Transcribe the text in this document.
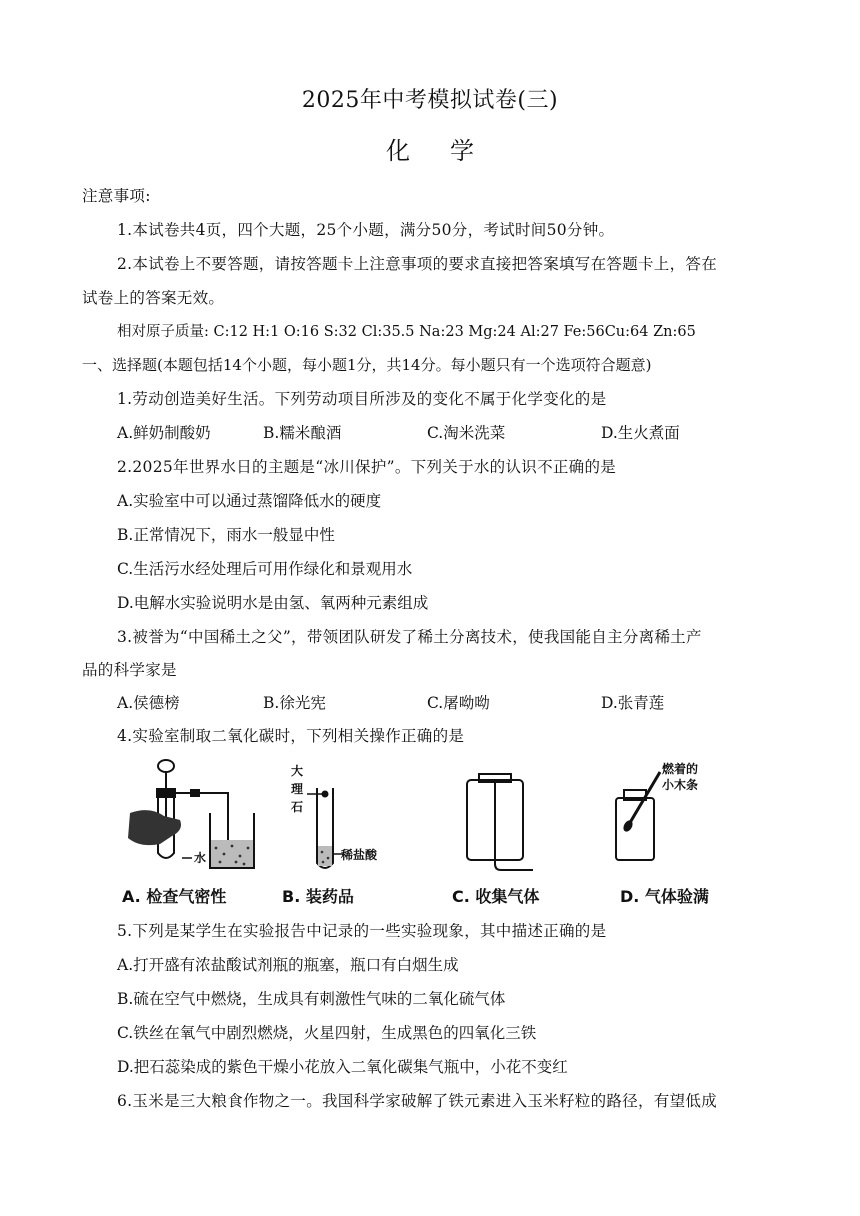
2025年中考模拟试卷(三)
化学
注意事项:
1.本试卷共4页，四个大题，25个小题，满分50分，考试时间50分钟。
2.本试卷上不要答题，请按答题卡上注意事项的要求直接把答案填写在答题卡上，答在
试卷上的答案无效。
相对原子质量: C:12 H:1 O:16 S:32 Cl:35.5 Na:23 Mg:24 Al:27 Fe:56Cu:64 Zn:65
一、选择题(本题包括14个小题，每小题1分，共14分。每小题只有一个选项符合题意)
1.劳动创造美好生活。下列劳动项目所涉及的变化不属于化学变化的是
A.鲜奶制酸奶	B.糯米酿酒	C.淘米洗菜	D.生火煮面
2.2025年世界水日的主题是“冰川保护”。下列关于水的认识不正确的是
A.实验室中可以通过蒸馏降低水的硬度
B.正常情况下，雨水一般显中性
C.生活污水经处理后可用作绿化和景观用水
D.电解水实验说明水是由氢、氧两种元素组成
3.被誉为“中国稀土之父”，带领团队研发了稀土分离技术，使我国能自主分离稀土产
品的科学家是
A.侯德榜	B.徐光宪	C.屠呦呦	D.张青莲
4.实验室制取二氧化碳时，下列相关操作正确的是
水
大
理
石
稀盐酸
燃着的
小木条
A. 检查气密性	B. 装药品	C. 收集气体	D. 气体验满
5.下列是某学生在实验报告中记录的一些实验现象，其中描述正确的是
A.打开盛有浓盐酸试剂瓶的瓶塞，瓶口有白烟生成
B.硫在空气中燃烧，生成具有刺激性气味的二氧化硫气体
C.铁丝在氧气中剧烈燃烧，火星四射，生成黑色的四氧化三铁
D.把石蕊染成的紫色干燥小花放入二氧化碳集气瓶中，小花不变红
6.玉米是三大粮食作物之一。我国科学家破解了铁元素进入玉米籽粒的路径，有望低成
